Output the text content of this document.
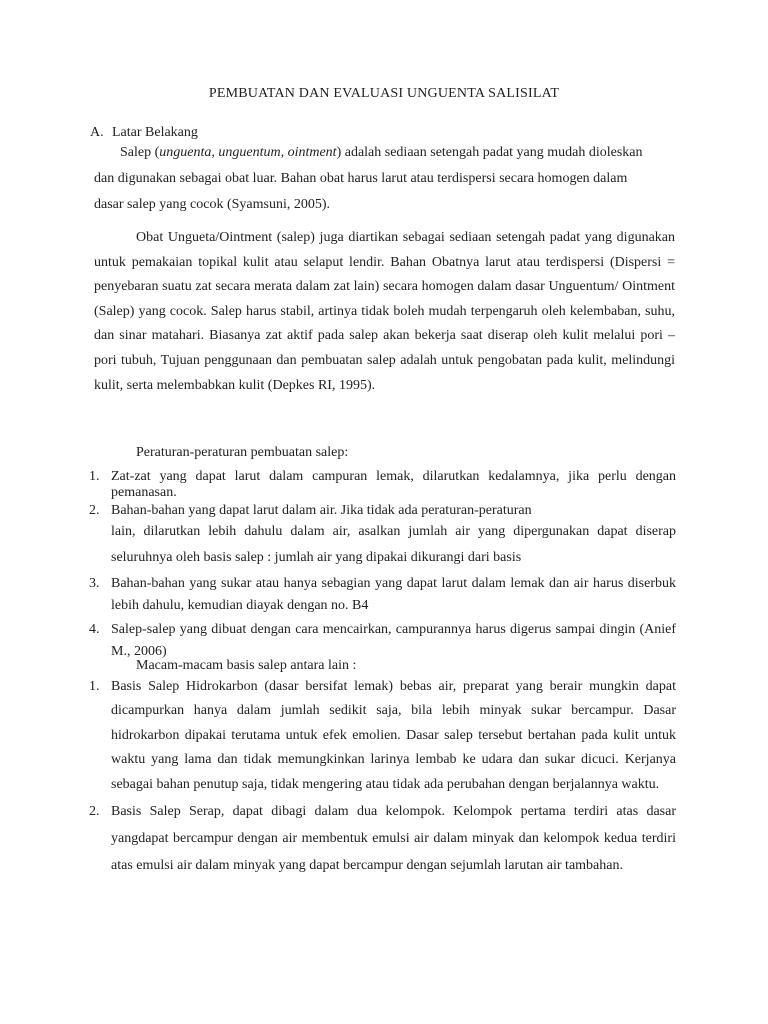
PEMBUATAN DAN EVALUASI UNGUENTA SALISILAT
A. Latar Belakang

Salep (unguenta, unguentum, ointment) adalah sediaan setengah padat yang mudah dioleskan dan digunakan sebagai obat luar. Bahan obat harus larut atau terdispersi secara homogen dalam dasar salep yang cocok (Syamsuni, 2005).

Obat Ungueta/Ointment (salep) juga diartikan sebagai sediaan setengah padat yang digunakan untuk pemakaian topikal kulit atau selaput lendir. Bahan Obatnya larut atau terdispersi (Dispersi = penyebaran suatu zat secara merata dalam zat lain) secara homogen dalam dasar Unguentum/ Ointment (Salep) yang cocok. Salep harus stabil, artinya tidak boleh mudah terpengaruh oleh kelembaban, suhu, dan sinar matahari. Biasanya zat aktif pada salep akan bekerja saat diserap oleh kulit melalui pori – pori tubuh, Tujuan penggunaan dan pembuatan salep adalah untuk pengobatan pada kulit, melindungi kulit, serta melembabkan kulit (Depkes RI, 1995).

Peraturan-peraturan pembuatan salep:
1. Zat-zat yang dapat larut dalam campuran lemak, dilarutkan kedalamnya, jika perlu dengan pemanasan.
2. Bahan-bahan yang dapat larut dalam air. Jika tidak ada peraturan-peraturan
lain, dilarutkan lebih dahulu dalam air, asalkan jumlah air yang dipergunakan dapat diserap seluruhnya oleh basis salep : jumlah air yang dipakai dikurangi dari basis
3. Bahan-bahan yang sukar atau hanya sebagian yang dapat larut dalam lemak dan air harus diserbuk lebih dahulu, kemudian diayak dengan no. B4
4. Salep-salep yang dibuat dengan cara mencairkan, campurannya harus digerus sampai dingin (Anief M., 2006)
Macam-macam basis salep antara lain :
1. Basis Salep Hidrokarbon (dasar bersifat lemak) bebas air, preparat yang berair mungkin dapat dicampurkan hanya dalam jumlah sedikit saja, bila lebih minyak sukar bercampur. Dasar hidrokarbon dipakai terutama untuk efek emolien. Dasar salep tersebut bertahan pada kulit untuk waktu yang lama dan tidak memungkinkan larinya lembab ke udara dan sukar dicuci. Kerjanya sebagai bahan penutup saja, tidak mengering atau tidak ada perubahan dengan berjalannya waktu.
2. Basis Salep Serap, dapat dibagi dalam dua kelompok. Kelompok pertama terdiri atas dasar yangdapat bercampur dengan air membentuk emulsi air dalam minyak dan kelompok kedua terdiri atas emulsi air dalam minyak yang dapat bercampur dengan sejumlah larutan air tambahan.
